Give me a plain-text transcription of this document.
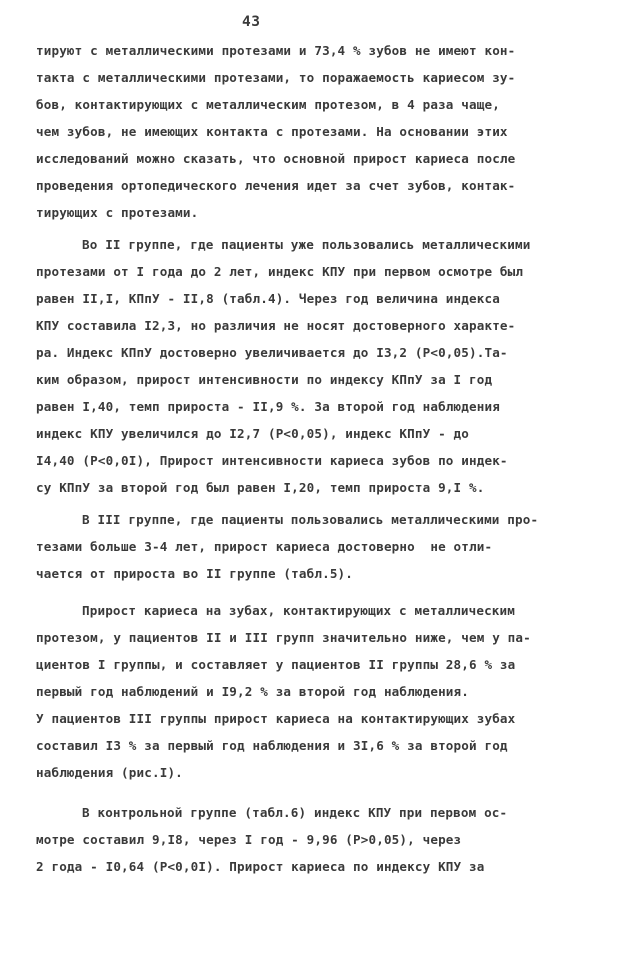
43
тируют с металлическими протезами и 73,4 % зубов не имеют кон-
такта с металлическими протезами, то поражаемость кариесом зу-
бов, контактирующих с металлическим протезом, в 4 раза чаще,
чем зубов, не имеющих контакта с протезами. На основании этих
исследований можно сказать, что основной прирост кариеса после
проведения ортопедического лечения идет за счет зубов, контак-
тирующих с протезами.
Во II группе, где пациенты уже пользовались металлическими
протезами от I года до 2 лет, индекс КПУ при первом осмотре был
равен II,I, КПпУ - II,8 (табл.4). Через год величина индекса
КПУ составила I2,3, но различия не носят достоверного характе-
ра. Индекс КПпУ достоверно увеличивается до I3,2 (P<0,05).Та-
ким образом, прирост интенсивности по индексу КПпУ за I год
равен I,40, темп прироста - II,9 %. За второй год наблюдения
индекс КПУ увеличился до I2,7 (P<0,05), индекс КПпУ - до
I4,40 (P<0,0I), Прирост интенсивности кариеса зубов по индек-
су КПпУ за второй год был равен I,20, темп прироста 9,I %.
В III группе, где пациенты пользовались металлическими про-
тезами больше 3-4 лет, прирост кариеса достоверно  не отли-
чается от прироста во II группе (табл.5).
Прирост кариеса на зубах, контактирующих с металлическим
протезом, у пациентов II и III групп значительно ниже, чем у па-
циентов I группы, и составляет у пациентов II группы 28,6 % за
первый год наблюдений и I9,2 % за второй год наблюдения.
У пациентов III группы прирост кариеса на контактирующих зубах
составил I3 % за первый год наблюдения и 3I,6 % за второй год
наблюдения (рис.I).
В контрольной группе (табл.6) индекс КПУ при первом ос-
мотре составил 9,I8, через I год - 9,96 (P>0,05), через
2 года - I0,64 (P<0,0I). Прирост кариеса по индексу КПУ за
